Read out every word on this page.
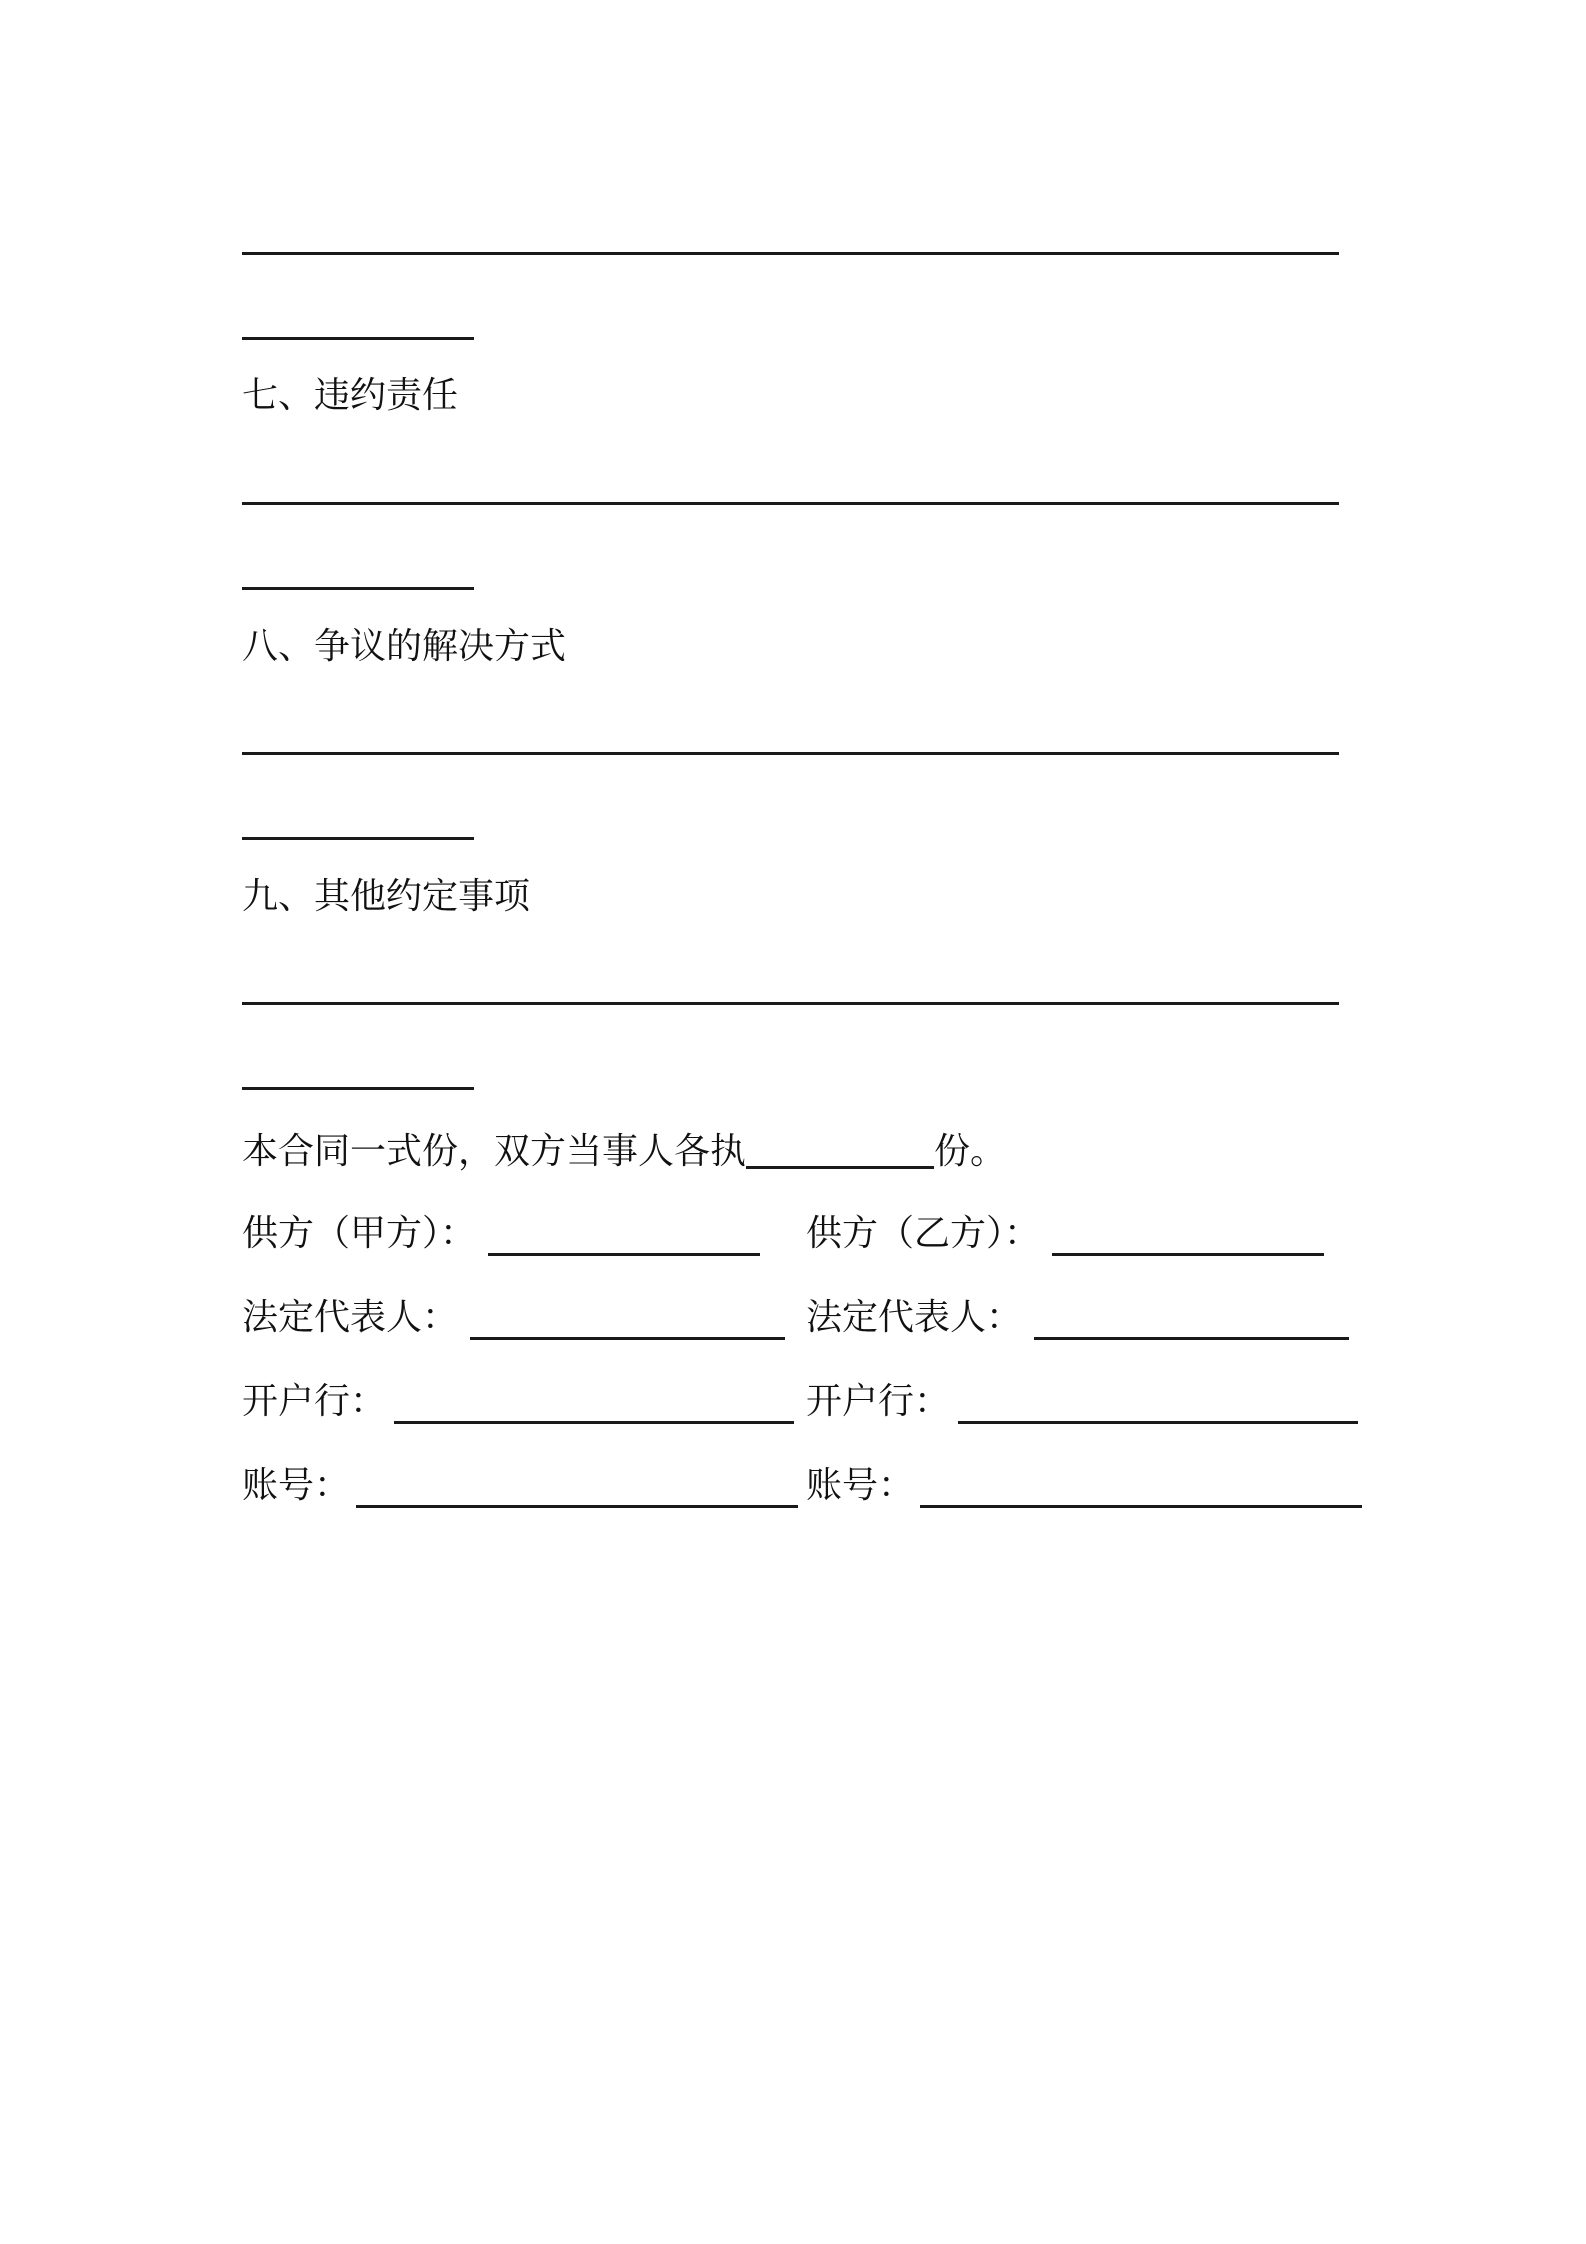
七、违约责任
八、争议的解决方式
九、其他约定事项
本合同一式份，双方当事人各执	份。
供方（甲方）：
法定代表人：
开户行：
账号：
供方（乙方）：
法定代表人：
开户行：
账号：
